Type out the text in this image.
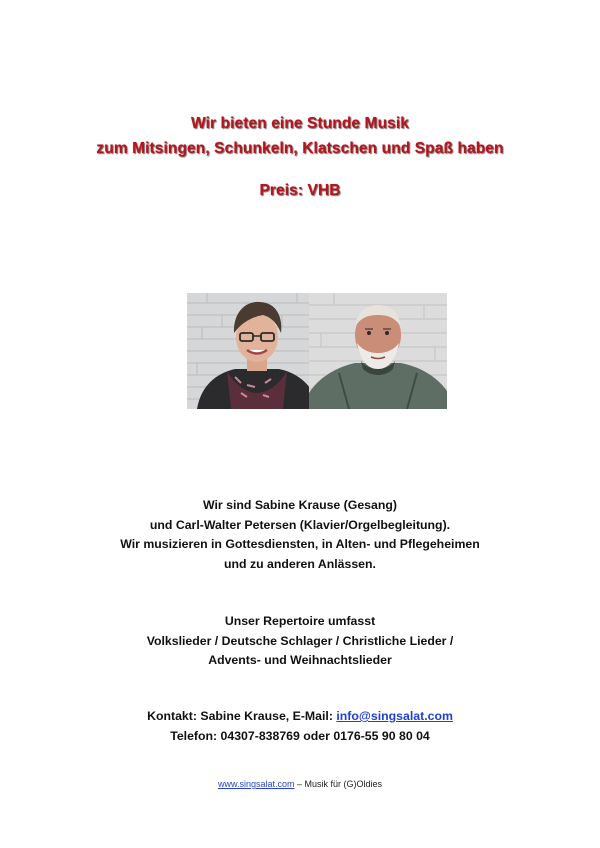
Wir bieten eine Stunde Musik
zum Mitsingen, Schunkeln, Klatschen und Spaß haben
Preis: VHB
Wir sind Sabine Krause (Gesang)
und Carl-Walter Petersen (Klavier/Orgelbegleitung).
Wir musizieren in Gottesdiensten, in Alten- und Pflegeheimen
und zu anderen Anlässen.
Unser Repertoire umfasst
Volkslieder / Deutsche Schlager / Christliche Lieder /
Advents- und Weihnachtslieder
Kontakt: Sabine Krause, E-Mail: info@singsalat.com
Telefon: 04307-838769 oder 0176-55 90 80 04
www.singsalat.com – Musik für (G)Oldies
